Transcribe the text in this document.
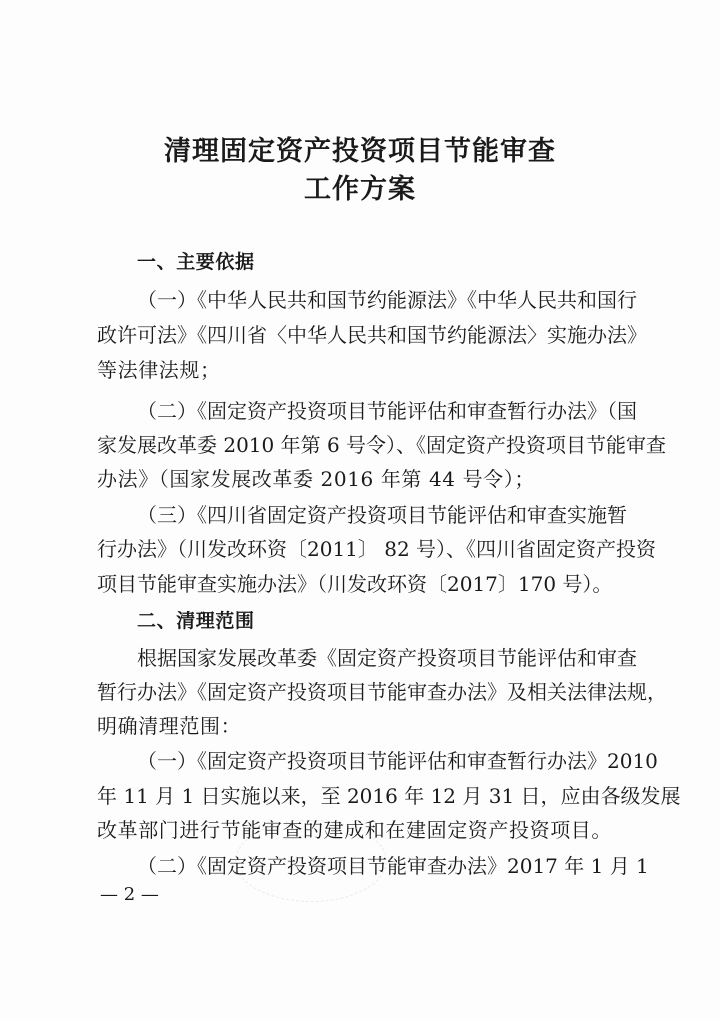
清理固定资产投资项目节能审查
工作方案
一、主要依据
（一）《中华人民共和国节约能源法》《中华人民共和国行
政许可法》《四川省〈中华人民共和国节约能源法〉实施办法》
等法律法规；
（二）《固定资产投资项目节能评估和审查暂行办法》（国
家发展改革委 2010 年第 6 号令）、《固定资产投资项目节能审查
办法》（国家发展改革委 2016 年第 44 号令）；
（三）《四川省固定资产投资项目节能评估和审查实施暂
行办法》（川发改环资〔2011〕 82 号）、《四川省固定资产投资
项目节能审查实施办法》（川发改环资〔2017〕170 号）。
二、清理范围
根据国家发展改革委《固定资产投资项目节能评估和审查
暂行办法》《固定资产投资项目节能审查办法》及相关法律法规，
明确清理范围：
（一）《固定资产投资项目节能评估和审查暂行办法》2010
年 11 月 1 日实施以来，至 2016 年 12 月 31 日，应由各级发展
改革部门进行节能审查的建成和在建固定资产投资项目。
（二）《固定资产投资项目节能审查办法》2017 年 1 月 1
— 2 —
